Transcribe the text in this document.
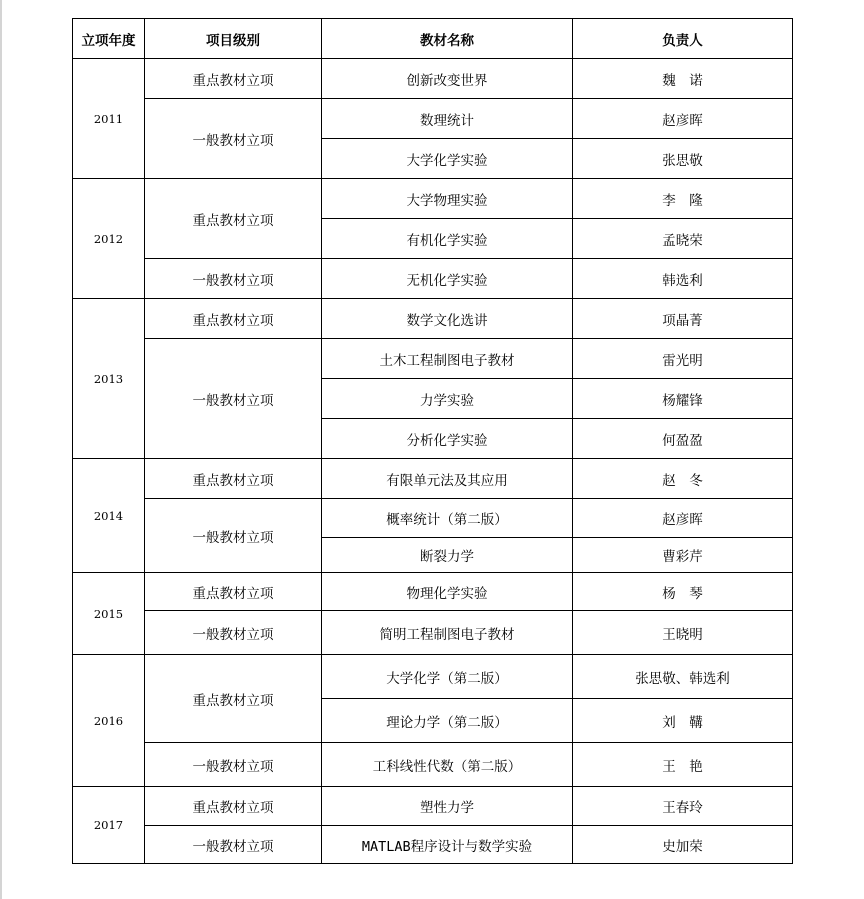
立项年度	项目级别	教材名称	负责人
2011	重点教材立项	创新改变世界	魏　诺
	一般教材立项	数理统计	赵彦晖
		大学化学实验	张思敬
2012	重点教材立项	大学物理实验	李　隆
		有机化学实验	孟晓荣
	一般教材立项	无机化学实验	韩选利
2013	重点教材立项	数学文化选讲	项晶菁
	一般教材立项	土木工程制图电子教材	雷光明
		力学实验	杨耀锋
		分析化学实验	何盈盈
2014	重点教材立项	有限单元法及其应用	赵　冬
	一般教材立项	概率统计（第二版）	赵彦晖
		断裂力学	曹彩芹
2015	重点教材立项	物理化学实验	杨　琴
	一般教材立项	简明工程制图电子教材	王晓明
2016	重点教材立项	大学化学（第二版）	张思敬、韩选利
		理论力学（第二版）	刘　鞲
	一般教材立项	工科线性代数（第二版）	王　艳
2017	重点教材立项	塑性力学	王春玲
	一般教材立项	MATLAB程序设计与数学实验	史加荣
